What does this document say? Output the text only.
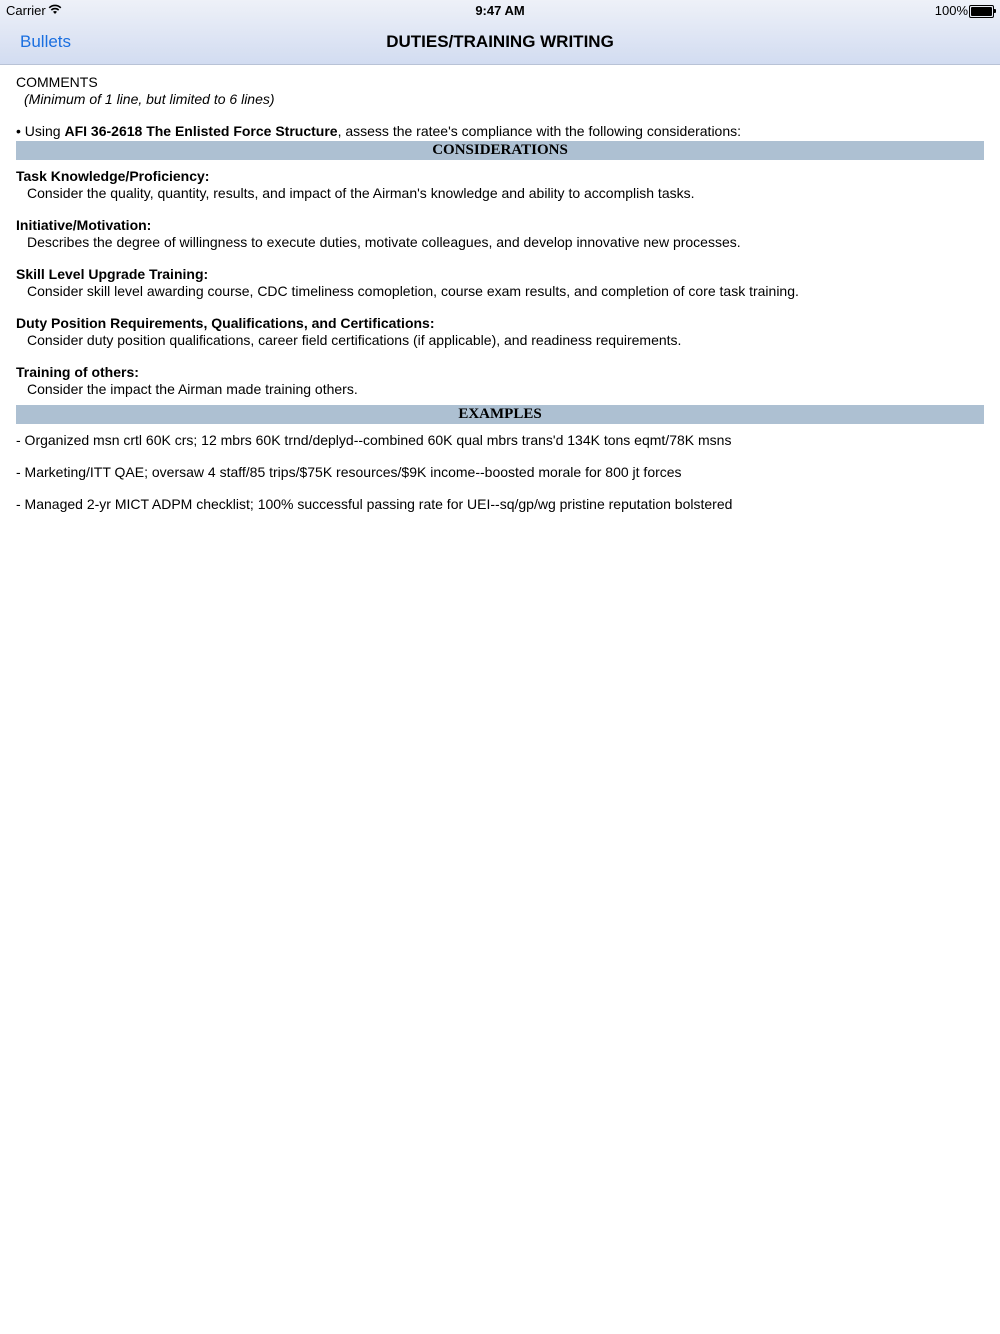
Carrier	9:47 AM	100%
Bullets	DUTIES/TRAINING WRITING

COMMENTS

(Minimum of 1 line, but limited to 6 lines)

• Using AFI 36-2618 The Enlisted Force Structure, assess the ratee's compliance with the following considerations:

CONSIDERATIONS

Task Knowledge/Proficiency:

Consider the quality, quantity, results, and impact of the Airman's knowledge and ability to accomplish tasks.

Initiative/Motivation:

Describes the degree of willingness to execute duties, motivate colleagues, and develop innovative new processes.

Skill Level Upgrade Training:

Consider skill level awarding course, CDC timeliness comopletion, course exam results, and completion of core task training.

Duty Position Requirements, Qualifications, and Certifications:

Consider duty position qualifications, career field certifications (if applicable), and readiness requirements.

Training of others:

Consider the impact the Airman made training others.

EXAMPLES

- Organized msn crtl 60K crs; 12 mbrs 60K trnd/deplyd--combined 60K qual mbrs trans'd 134K tons eqmt/78K msns

- Marketing/ITT QAE; oversaw 4 staff/85 trips/$75K resources/$9K income--boosted morale for 800 jt forces

- Managed 2-yr MICT ADPM checklist; 100% successful passing rate for UEI--sq/gp/wg pristine reputation bolstered
